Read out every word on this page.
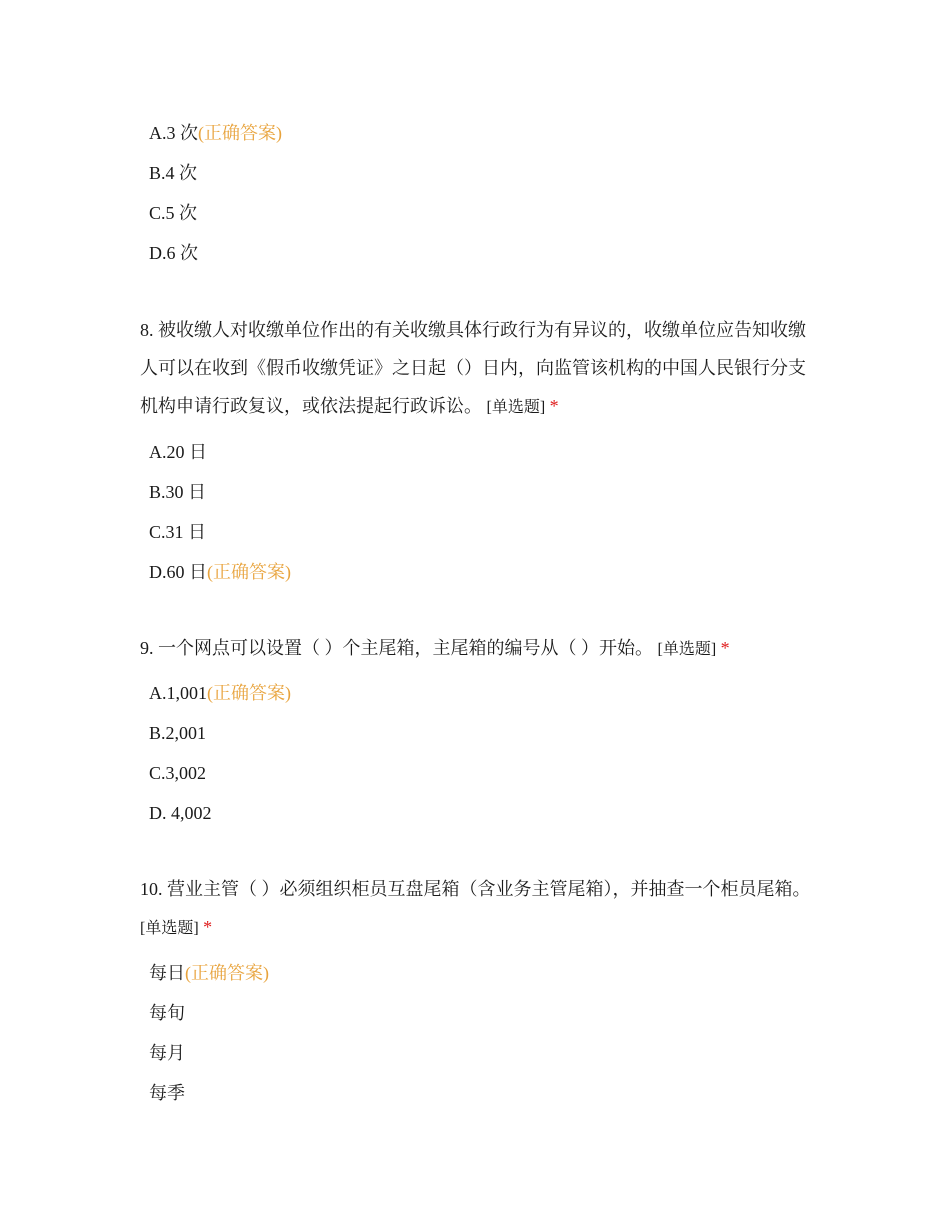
A.3 次(正确答案)
B.4 次
C.5 次
D.6 次
8. 被收缴人对收缴单位作出的有关收缴具体行政行为有异议的，收缴单位应告知收缴人可以在收到《假币收缴凭证》之日起（）日内，向监管该机构的中国人民银行分支机构申请行政复议，或依法提起行政诉讼。 [单选题] *
A.20 日
B.30 日
C.31 日
D.60 日(正确答案)
9. 一个网点可以设置（ ）个主尾箱，主尾箱的编号从（ ）开始。 [单选题] *
A.1,001(正确答案)
B.2,001
C.3,002
D. 4,002
10. 营业主管（ ）必须组织柜员互盘尾箱（含业务主管尾箱），并抽查一个柜员尾箱。 [单选题] *
每日(正确答案)
每旬
每月
每季
